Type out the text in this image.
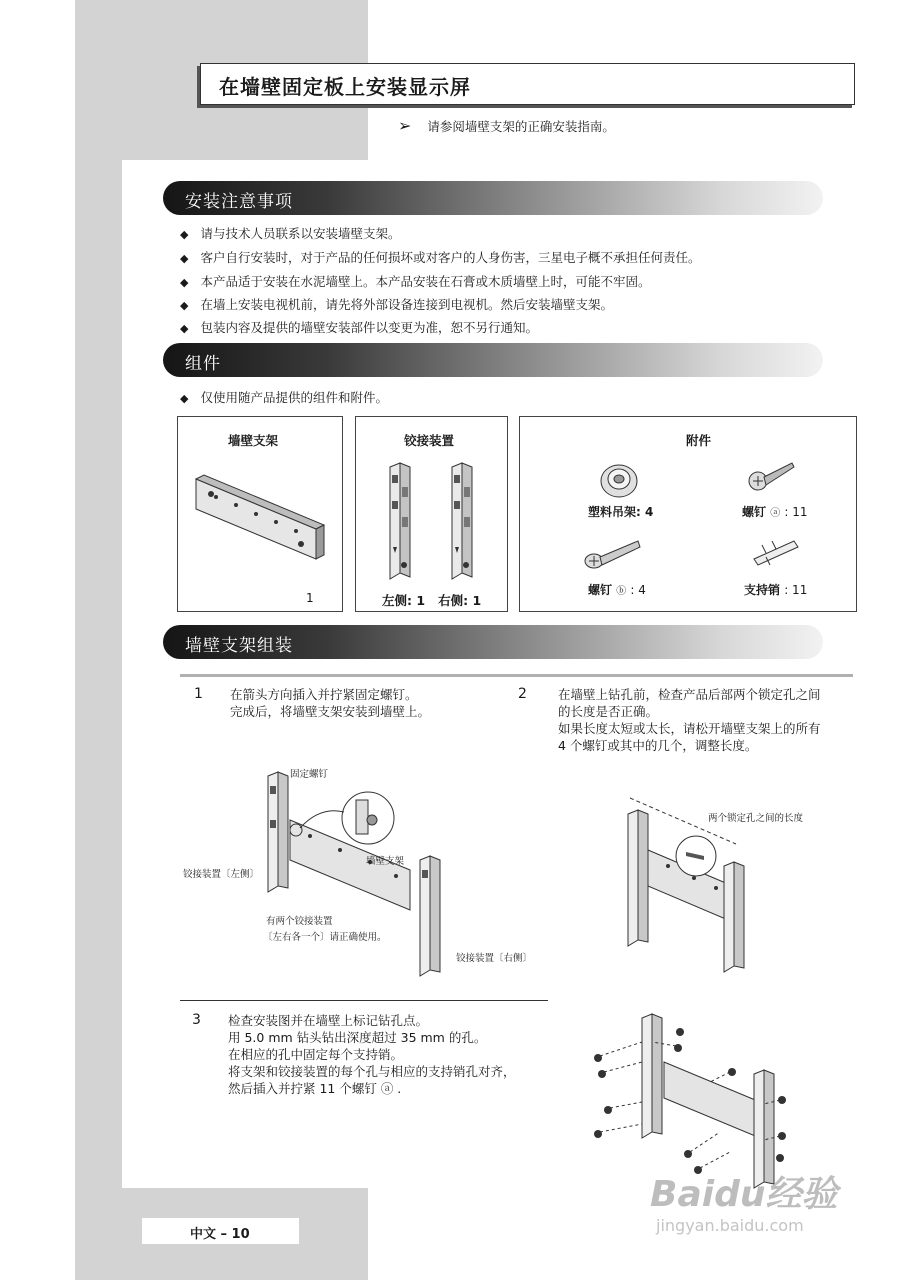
在墙壁固定板上安装显示屏
➢ 请参阅墙壁支架的正确安装指南。
安装注意事项
◆ 请与技术人员联系以安装墙壁支架。
◆ 客户自行安装时，对于产品的任何损坏或对客户的人身伤害，三星电子概不承担任何责任。
◆ 本产品适于安装在水泥墙壁上。本产品安装在石膏或木质墙壁上时，可能不牢固。
◆ 在墙上安装电视机前，请先将外部设备连接到电视机。然后安装墙壁支架。
◆ 包装内容及提供的墙壁安装部件以变更为准，恕不另行通知。
组件
◆ 仅使用随产品提供的组件和附件。
墙壁支架
1
铰接装置
左侧: 1 右侧: 1
附件
塑料吊架: 4	螺钉 ⓐ : 11
螺钉 ⓑ : 4	支持销 : 11
墙壁支架组装
1 在箭头方向插入并拧紧固定螺钉。
完成后，将墙壁支架安装到墙壁上。
2 在墙壁上钻孔前，检查产品后部两个锁定孔之间
的长度是否正确。
如果长度太短或太长，请松开墙壁支架上的所有
4 个螺钉或其中的几个，调整长度。
固定螺钉
墙壁支架
铰接装置〔左侧〕
有两个铰接装置
〔左右各一个〕请正确使用。
铰接装置〔右侧〕
两个锁定孔之间的长度
3 检查安装图并在墙壁上标记钻孔点。
用 5.0 mm 钻头钻出深度超过 35 mm 的孔。
在相应的孔中固定每个支持销。
将支架和铰接装置的每个孔与相应的支持销孔对齐，
然后插入并拧紧 11 个螺钉 ⓐ .
中文 – 10
Baidu经验
jingyan.baidu.com
